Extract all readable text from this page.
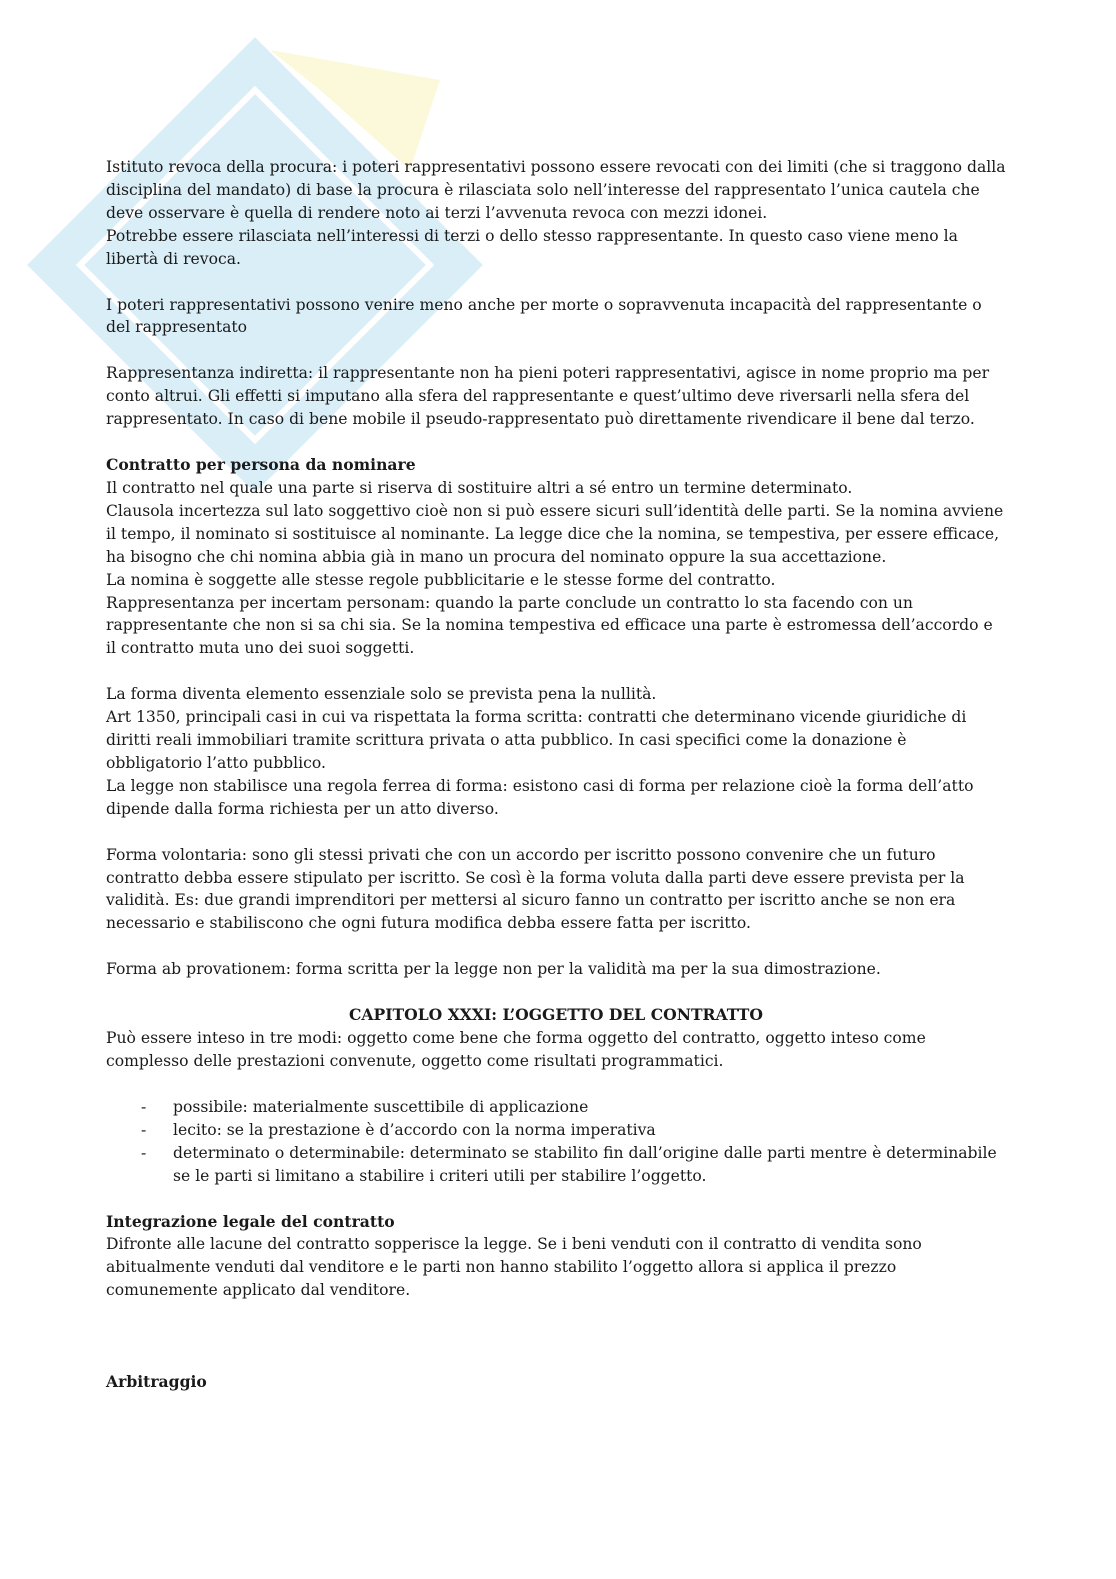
Istituto revoca della procura: i poteri rappresentativi possono essere revocati con dei limiti (che si traggono dalla disciplina del mandato) di base la procura è rilasciata solo nell’interesse del rappresentato l’unica cautela che deve osservare è quella di rendere noto ai terzi l’avvenuta revoca con mezzi idonei.

Potrebbe essere rilasciata nell’interessi di terzi o dello stesso rappresentante. In questo caso viene meno la libertà di revoca.

I poteri rappresentativi possono venire meno anche per morte o sopravvenuta incapacità del rappresentante o del rappresentato

Rappresentanza indiretta: il rappresentante non ha pieni poteri rappresentativi, agisce in nome proprio ma per conto altrui. Gli effetti si imputano alla sfera del rappresentante e quest’ultimo deve riversarli nella sfera del rappresentato. In caso di bene mobile il pseudo-rappresentato può direttamente rivendicare il bene dal terzo.

Contratto per persona da nominare

Il contratto nel quale una parte si riserva di sostituire altri a sé entro un termine determinato.

Clausola incertezza sul lato soggettivo cioè non si può essere sicuri sull’identità delle parti. Se la nomina avviene il tempo, il nominato si sostituisce al nominante. La legge dice che la nomina, se tempestiva, per essere efficace, ha bisogno che chi nomina abbia già in mano un procura del nominato oppure la sua accettazione.

La nomina è soggette alle stesse regole pubblicitarie e le stesse forme del contratto.

Rappresentanza per incertam personam: quando la parte conclude un contratto lo sta facendo con un rappresentante che non si sa chi sia. Se la nomina tempestiva ed efficace una parte è estromessa dell’accordo e il contratto muta uno dei suoi soggetti.

La forma diventa elemento essenziale solo se prevista pena la nullità.

Art 1350, principali casi in cui va rispettata la forma scritta: contratti che determinano vicende giuridiche di diritti reali immobiliari tramite scrittura privata o atta pubblico. In casi specifici come la donazione è obbligatorio l’atto pubblico.

La legge non stabilisce una regola ferrea di forma: esistono casi di forma per relazione cioè la forma dell’atto dipende dalla forma richiesta per un atto diverso.

Forma volontaria: sono gli stessi privati che con un accordo per iscritto possono convenire che un futuro contratto debba essere stipulato per iscritto. Se così è la forma voluta dalla parti deve essere prevista per la validità. Es: due grandi imprenditori per mettersi al sicuro fanno un contratto per iscritto anche se non era necessario e stabiliscono che ogni futura modifica debba essere fatta per iscritto.

Forma ab provationem: forma scritta per la legge non per la validità ma per la sua dimostrazione.

CAPITOLO XXXI: L’OGGETTO DEL CONTRATTO

Può essere inteso in tre modi: oggetto come bene che forma oggetto del contratto, oggetto inteso come complesso delle prestazioni convenute, oggetto come risultati programmatici.

- possibile: materialmente suscettibile di applicazione
- lecito: se la prestazione è d’accordo con la norma imperativa
- determinato o determinabile: determinato se stabilito fin dall’origine dalle parti mentre è determinabile se le parti si limitano a stabilire i criteri utili per stabilire l’oggetto.

Integrazione legale del contratto

Difronte alle lacune del contratto sopperisce la legge. Se i beni venduti con il contratto di vendita sono abitualmente venduti dal venditore e le parti non hanno stabilito l’oggetto allora si applica il prezzo comunemente applicato dal venditore.

Arbitraggio
